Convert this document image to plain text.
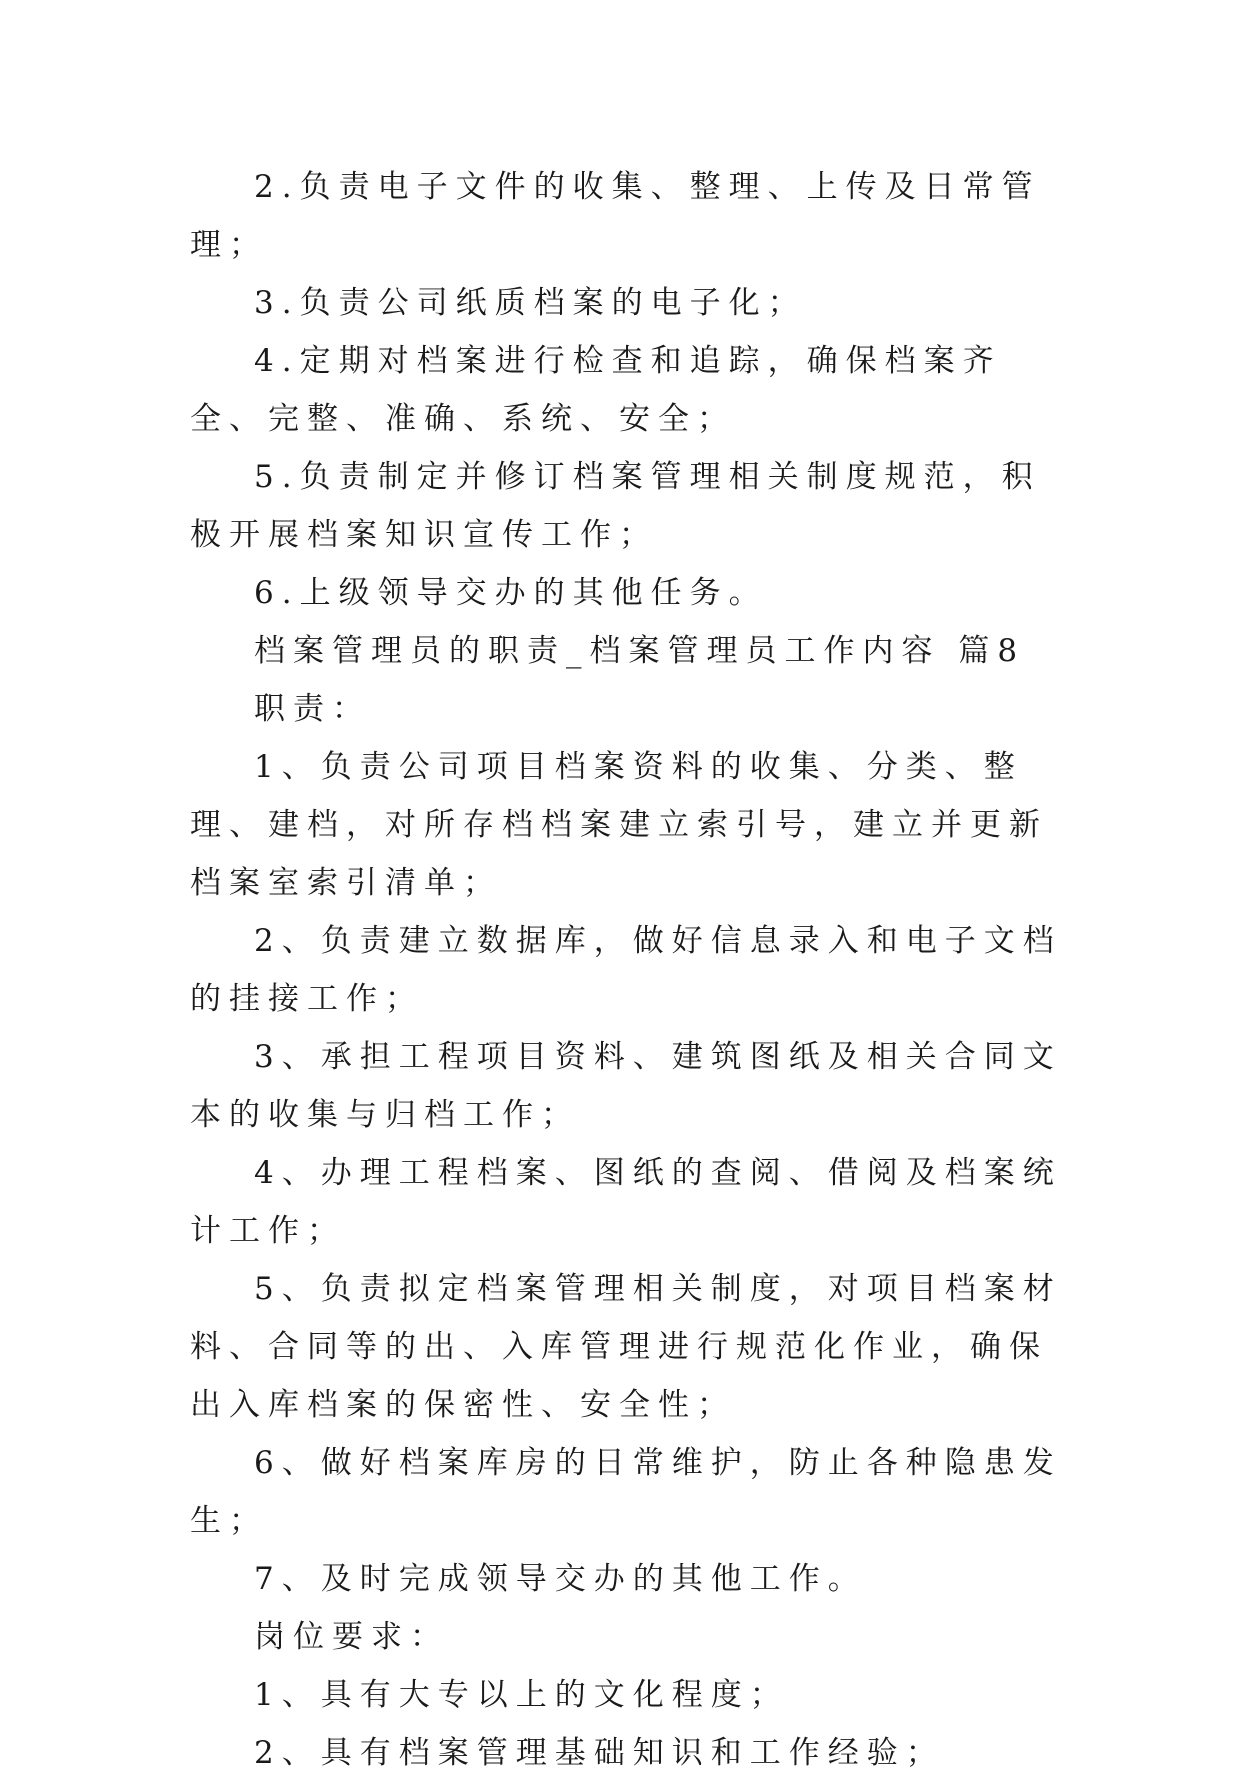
2.负责电子文件的收集、整理、上传及日常管理；

3.负责公司纸质档案的电子化；

4.定期对档案进行检查和追踪，确保档案齐全、完整、准确、系统、安全；

5.负责制定并修订档案管理相关制度规范，积极开展档案知识宣传工作；

6.上级领导交办的其他任务。

档案管理员的职责_档案管理员工作内容 篇8

职责：

1、负责公司项目档案资料的收集、分类、整理、建档，对所存档档案建立索引号，建立并更新档案室索引清单；

2、负责建立数据库，做好信息录入和电子文档的挂接工作；

3、承担工程项目资料、建筑图纸及相关合同文本的收集与归档工作；

4、办理工程档案、图纸的查阅、借阅及档案统计工作；

5、负责拟定档案管理相关制度，对项目档案材料、合同等的出、入库管理进行规范化作业，确保出入库档案的保密性、安全性；

6、做好档案库房的日常维护，防止各种隐患发生；

7、及时完成领导交办的其他工作。

岗位要求：

1、具有大专以上的文化程度；

2、具有档案管理基础知识和工作经验；
